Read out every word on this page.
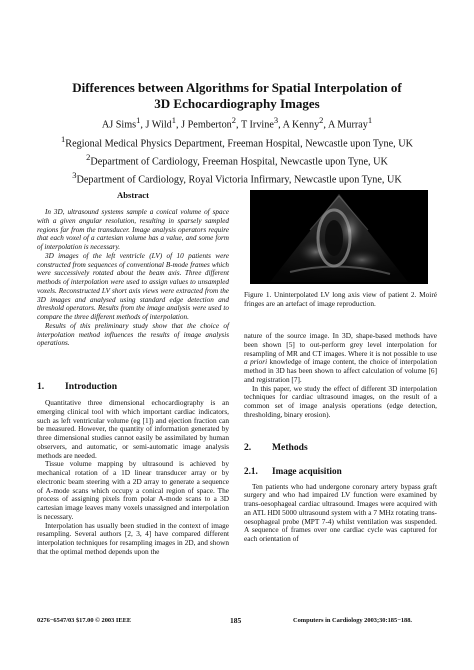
Differences between Algorithms for Spatial Interpolation of
3D Echocardiography Images
AJ Sims$^1$, J Wild$^1$, J Pemberton$^2$, T Irvine$^3$, A Kenny$^2$, A Murray$^1$
$^1$Regional Medical Physics Department, Freeman Hospital, Newcastle upon Tyne, UK
$^2$Department of Cardiology, Freeman Hospital, Newcastle upon Tyne, UK
$^3$Department of Cardiology, Royal Victoria Infirmary, Newcastle upon Tyne, UK
Abstract

In 3D, ultrasound systems sample a conical volume of space with a given angular resolution, resulting in sparsely sampled regions far from the transducer. Image analysis operators require that each voxel of a cartesian volume has a value, and some form of interpolation is necessary.

3D images of the left ventricle (LV) of 10 patients were constructed from sequences of conventional B-mode frames which were successively rotated about the beam axis. Three different methods of interpolation were used to assign values to unsampled voxels. Reconstructed LV short axis views were extracted from the 3D images and analysed using standard edge detection and threshold operators. Results from the image analysis were used to compare the three different methods of interpolation.

Results of this preliminary study show that the choice of interpolation method influences the results of image analysis operations.

1. Introduction

Quantitative three dimensional echocardiography is an emerging clinical tool with which important cardiac indicators, such as left ventricular volume (eg [1]) and ejection fraction can be measured. However, the quantity of information generated by three dimensional studies cannot easily be assimilated by human observers, and automatic, or semi-automatic image analysis methods are needed.

Tissue volume mapping by ultrasound is achieved by mechanical rotation of a 1D linear transducer array or by electronic beam steering with a 2D array to generate a sequence of A-mode scans which occupy a conical region of space. The process of assigning pixels from polar A-mode scans to a 3D cartesian image leaves many voxels unassigned and interpolation is necessary.

Interpolation has usually been studied in the context of image resampling. Several authors [2, 3, 4] have compared different interpolation techniques for resampling images in 2D, and shown that the optimal method depends upon the

Figure 1. Uninterpolated LV long axis view of patient 2. Moiré fringes are an artefact of image reproduction.

nature of the source image. In 3D, shape-based methods have been shown [5] to out-perform grey level interpolation for resampling of MR and CT images. Where it is not possible to use a priori knowledge of image content, the choice of interpolation method in 3D has been shown to affect calculation of volume [6] and registration [7].

In this paper, we study the effect of different 3D interpolation techniques for cardiac ultrasound images, on the result of a common set of image analysis operations (edge detection, thresholding, binary erosion).

2. Methods
2.1. Image acquisition

Ten patients who had undergone coronary artery bypass graft surgery and who had impaired LV function were examined by trans-oesophageal cardiac ultrasound. Images were acquired with an ATL HDI 5000 ultrasound system with a 7 MHz rotating trans-oesophageal probe (MPT 7-4) whilst ventilation was suspended. A sequence of frames over one cardiac cycle was captured for each orientation of

0276−6547/03 $17.00 © 2003 IEEE	185	Computers in Cardiology 2003;30:185−188.
